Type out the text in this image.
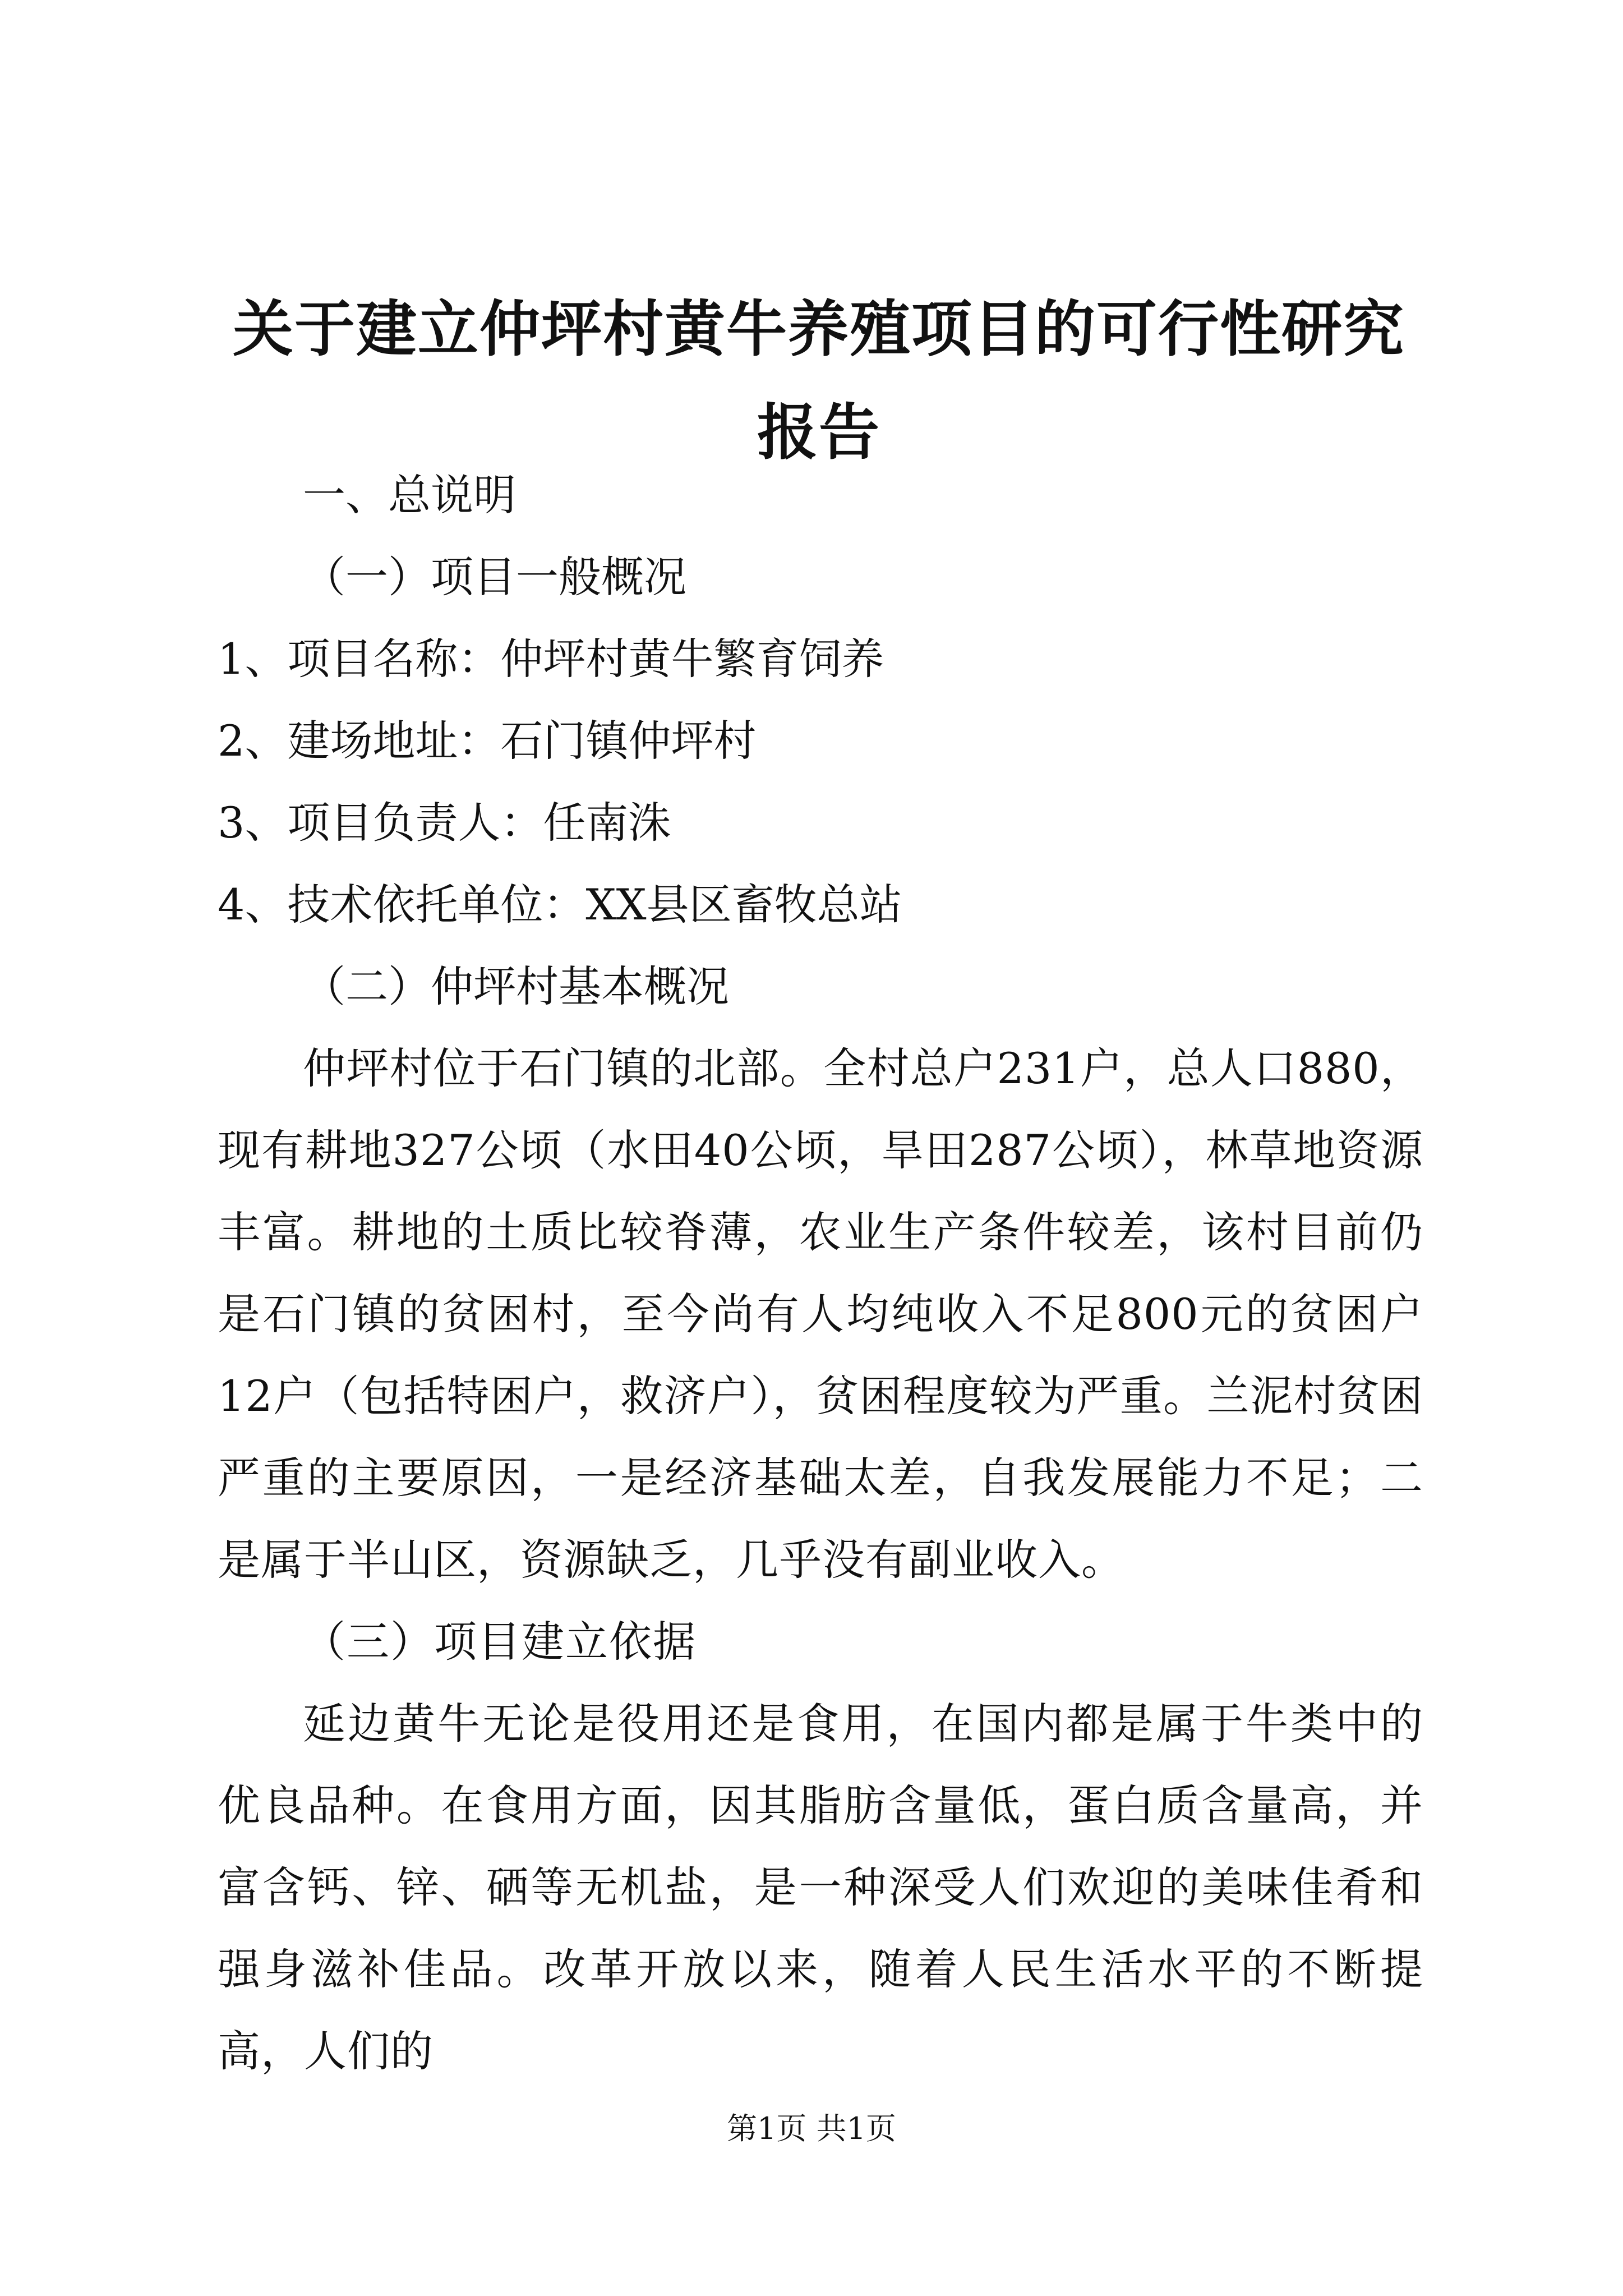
关于建立仲坪村黄牛养殖项目的可行性研究报告

一、总说明

（一）项目一般概况

1、项目名称：仲坪村黄牛繁育饲养

2、建场地址：石门镇仲坪村

3、项目负责人：任南洙

4、技术依托单位：XX县区畜牧总站

（二）仲坪村基本概况

仲坪村位于石门镇的北部。全村总户231户，总人口880，现有耕地327公顷（水田40公顷，旱田287公顷），林草地资源丰富。耕地的土质比较脊薄，农业生产条件较差，该村目前仍是石门镇的贫困村，至今尚有人均纯收入不足800元的贫困户12户（包括特困户，救济户），贫困程度较为严重。兰泥村贫困严重的主要原因，一是经济基础太差，自我发展能力不足；二是属于半山区，资源缺乏，几乎没有副业收入。

（三）项目建立依据

延边黄牛无论是役用还是食用，在国内都是属于牛类中的优良品种。在食用方面，因其脂肪含量低，蛋白质含量高，并富含钙、锌、硒等无机盐，是一种深受人们欢迎的美味佳肴和强身滋补佳品。改革开放以来，随着人民生活水平的不断提高，人们的

第1页 共1页
